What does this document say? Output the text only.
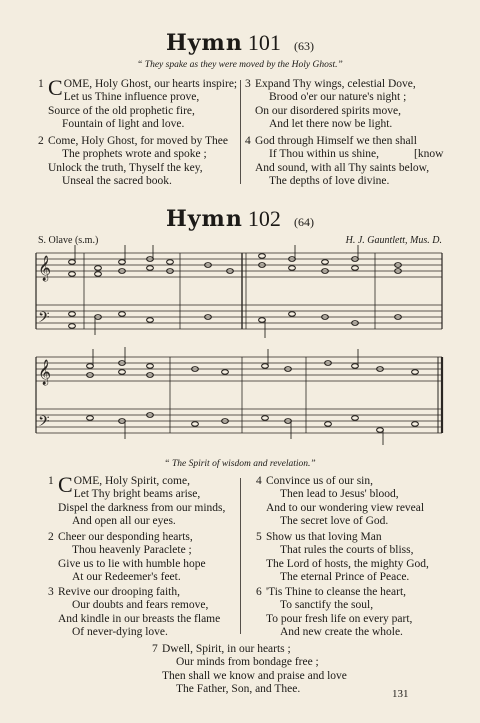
Hymn 101 (63)
“ They spake as they were moved by the Holy Ghost.”
1 C OME, Holy Ghost, our hearts inspire;
Let us Thine influence prove,
Source of the old prophetic fire,
Fountain of light and love.
2 Come, Holy Ghost, for moved by Thee
The prophets wrote and spoke ;
Unlock the truth, Thyself the key,
Unseal the sacred book.
3 Expand Thy wings, celestial Dove,
Brood o'er our nature's night ;
On our disordered spirits move,
And let there now be light.
4 God through Himself we then shall
If Thou within us shine,
And sound, with all Thy saints below,
The depths of love divine.
[know
Hymn 102 (64)
S. Olave (s.m.)	H. J. Gauntlett, Mus. D.
𝄞
𝄢
𝄞
𝄢
“ The Spirit of wisdom and revelation.”
1 C OME, Holy Spirit, come,
Let Thy bright beams arise,
Dispel the darkness from our minds,
And open all our eyes.
2 Cheer our desponding hearts,
Thou heavenly Paraclete ;
Give us to lie with humble hope
At our Redeemer's feet.
3 Revive our drooping faith,
Our doubts and fears remove,
And kindle in our breasts the flame
Of never-dying love.
4 Convince us of our sin,
Then lead to Jesus' blood,
And to our wondering view reveal
The secret love of God.
5 Show us that loving Man
That rules the courts of bliss,
The Lord of hosts, the mighty God,
The eternal Prince of Peace.
6 'Tis Thine to cleanse the heart,
To sanctify the soul,
To pour fresh life on every part,
And new create the whole.
7 Dwell, Spirit, in our hearts ;
Our minds from bondage free ;
Then shall we know and praise and love
The Father, Son, and Thee.	131
